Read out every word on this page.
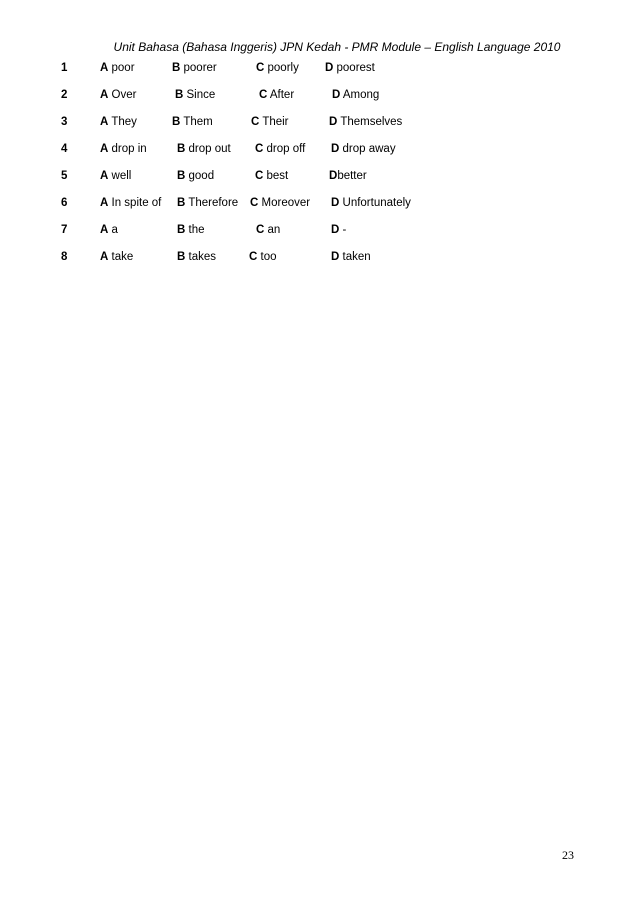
Unit Bahasa (Bahasa Inggeris) JPN Kedah - PMR Module – English Language 2010
1	A poor	B poorer	C poorly D poorest
2	A Over	B Since	C After	D Among
3	A They	B Them	C Their	D Themselves
4	A drop in	B drop out C drop off D drop away
5	A well	B good	C best	Dbetter
6	A In spite of B Therefore C Moreover D Unfortunately
7	A a	B the	C an	D -
8	A take	B takes	C too	D taken
23
